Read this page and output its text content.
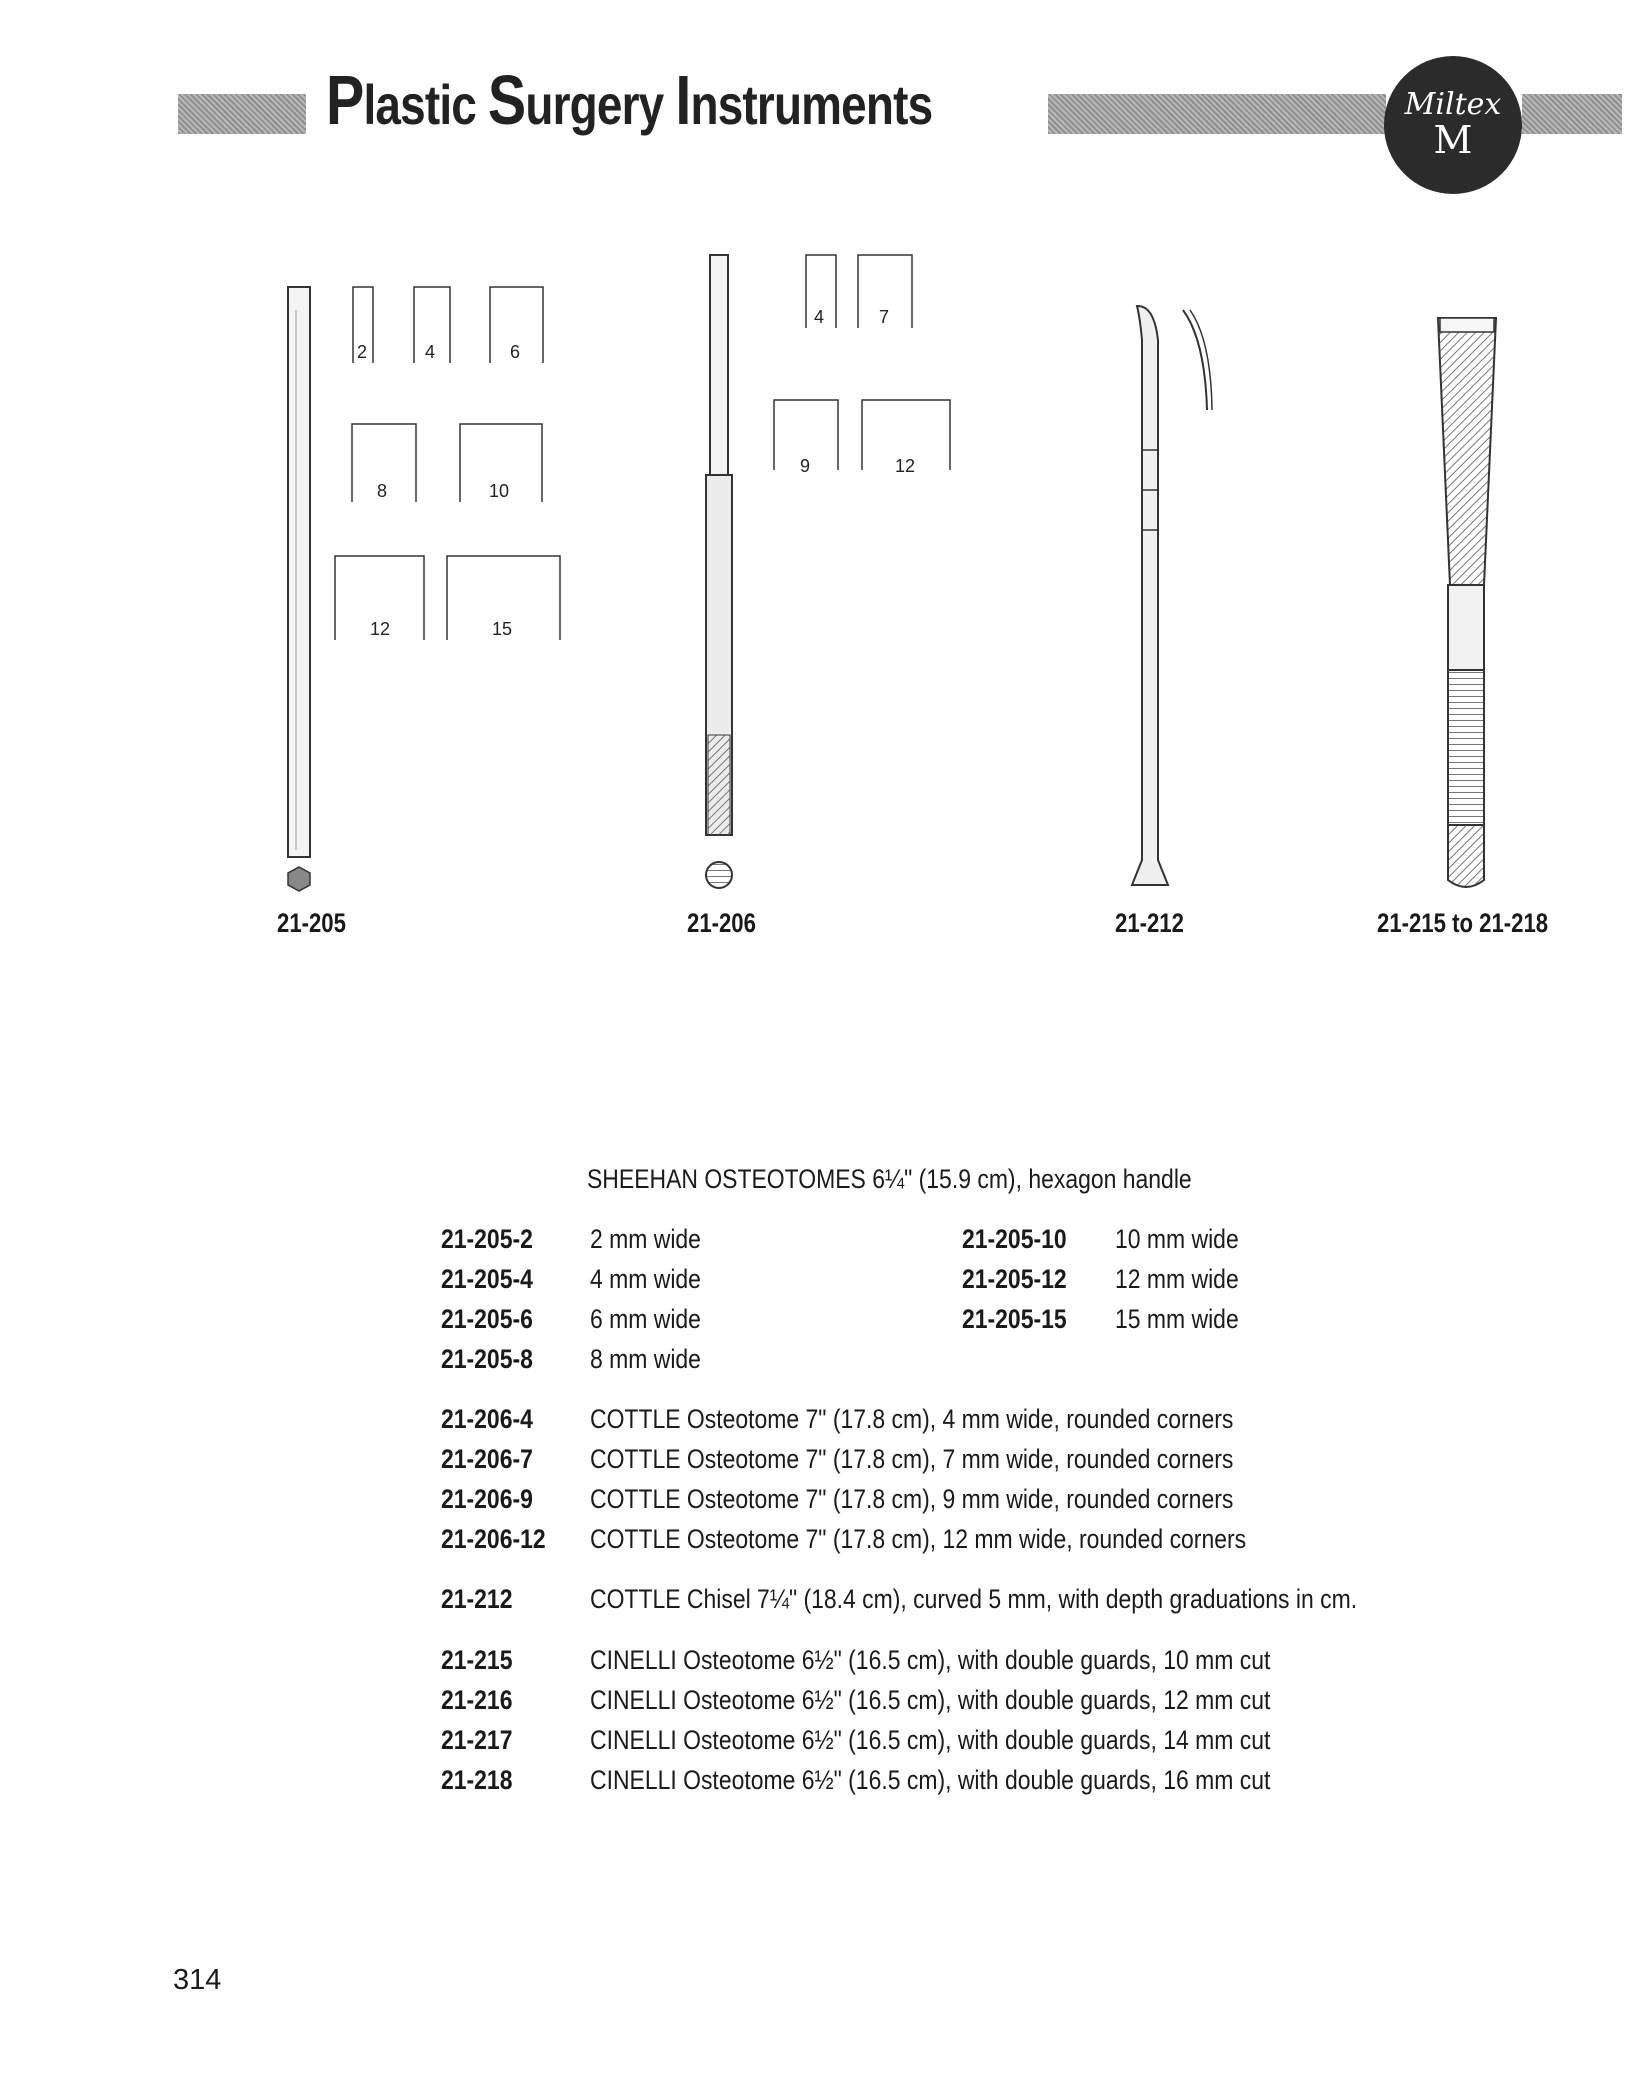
Plastic Surgery Instruments	Miltex
M
2	4	6
8	10
12	15
4	7
9	12
21-205	21-206	21-212	21-215 to 21-218
SHEEHAN OSTEOTOMES 6¼" (15.9 cm), hexagon handle
21-205-2 2 mm wide
21-205-4 4 mm wide
21-205-6 6 mm wide
21-205-8 8 mm wide
21-205-10 10 mm wide
21-205-12 12 mm wide
21-205-15 15 mm wide
21-206-4 COTTLE Osteotome 7" (17.8 cm), 4 mm wide, rounded corners
21-206-7 COTTLE Osteotome 7" (17.8 cm), 7 mm wide, rounded corners
21-206-9 COTTLE Osteotome 7" (17.8 cm), 9 mm wide, rounded corners
21-206-12 COTTLE Osteotome 7" (17.8 cm), 12 mm wide, rounded corners
21-212	COTTLE Chisel 7¼" (18.4 cm), curved 5 mm, with depth graduations in cm.
21-215	CINELLI Osteotome 6½" (16.5 cm), with double guards, 10 mm cut
21-216	CINELLI Osteotome 6½" (16.5 cm), with double guards, 12 mm cut
21-217	CINELLI Osteotome 6½" (16.5 cm), with double guards, 14 mm cut
21-218	CINELLI Osteotome 6½" (16.5 cm), with double guards, 16 mm cut
314
